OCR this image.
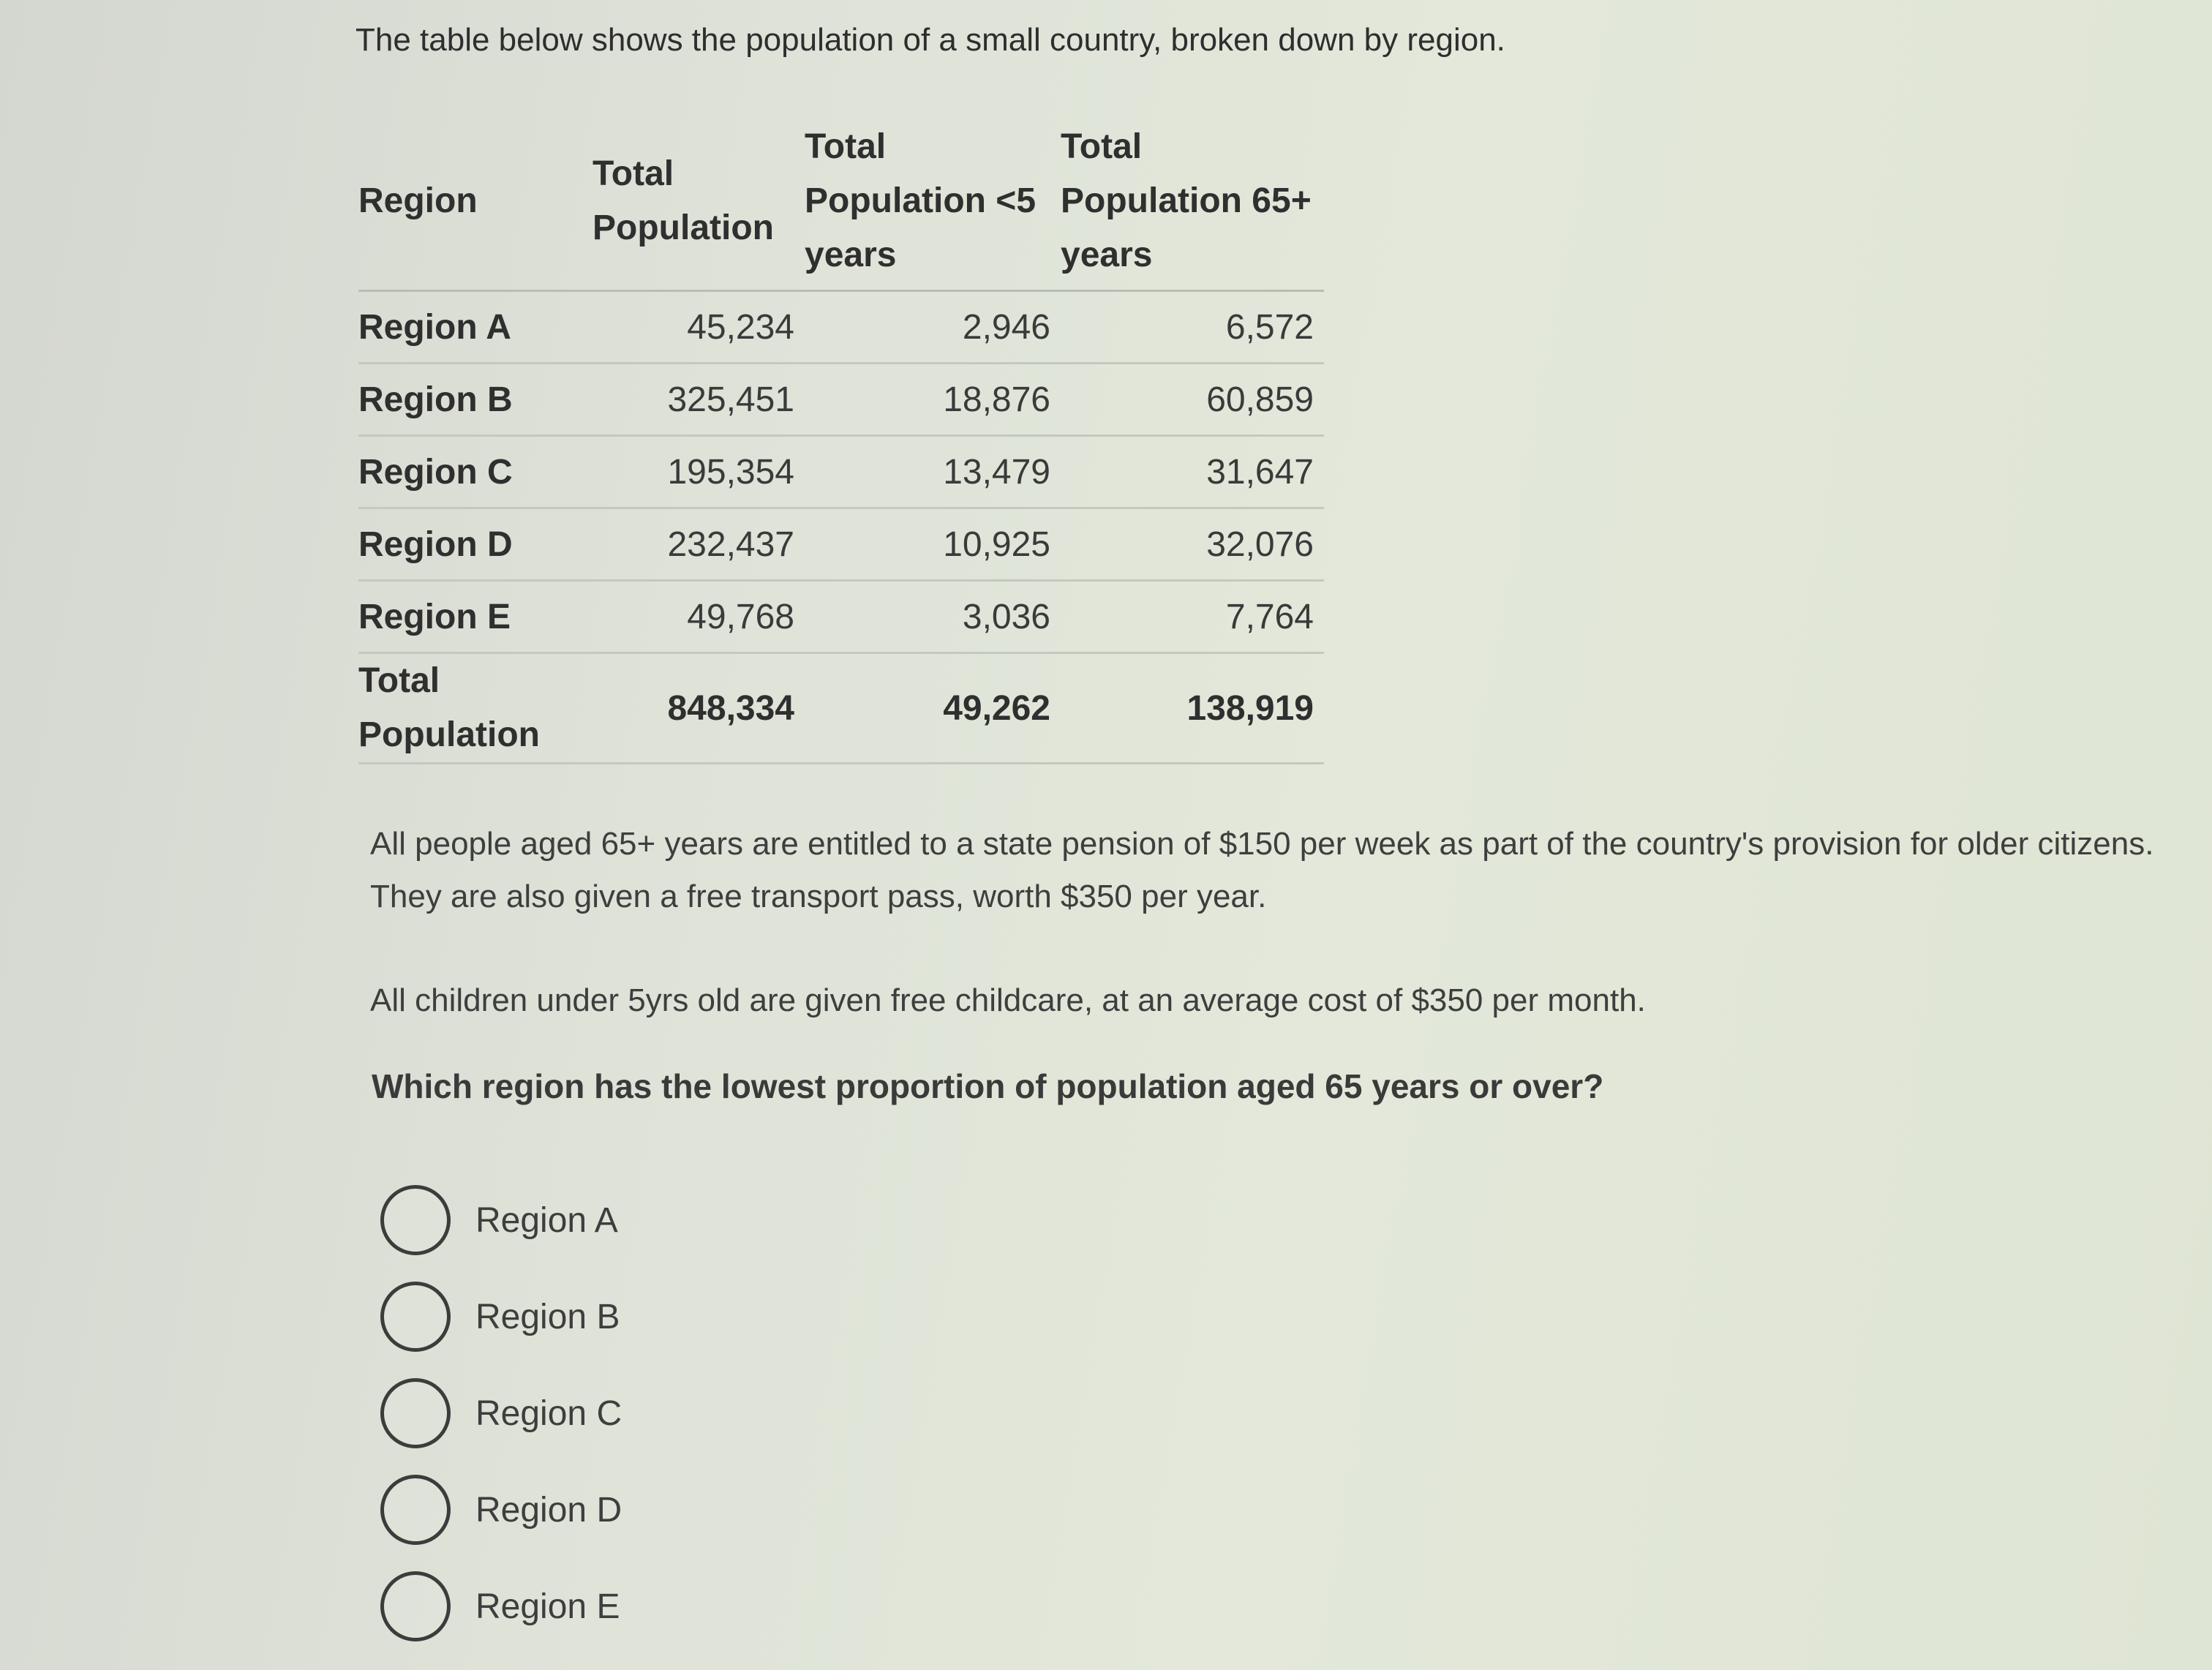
The table below shows the population of a small country, broken down by region.
Region	Total Population	Total Population <5 years	Total Population 65+ years
Region A	45,234	2,946	6,572
Region B	325,451	18,876	60,859
Region C	195,354	13,479	31,647
Region D	232,437	10,925	32,076
Region E	49,768	3,036	7,764
Total Population	848,334	49,262	138,919
All people aged 65+ years are entitled to a state pension of $150 per week as part of the country's provision for older citizens. They are also given a free transport pass, worth $350 per year.
All children under 5yrs old are given free childcare, at an average cost of $350 per month.
Which region has the lowest proportion of population aged 65 years or over?
Region A
Region B
Region C
Region D
Region E
